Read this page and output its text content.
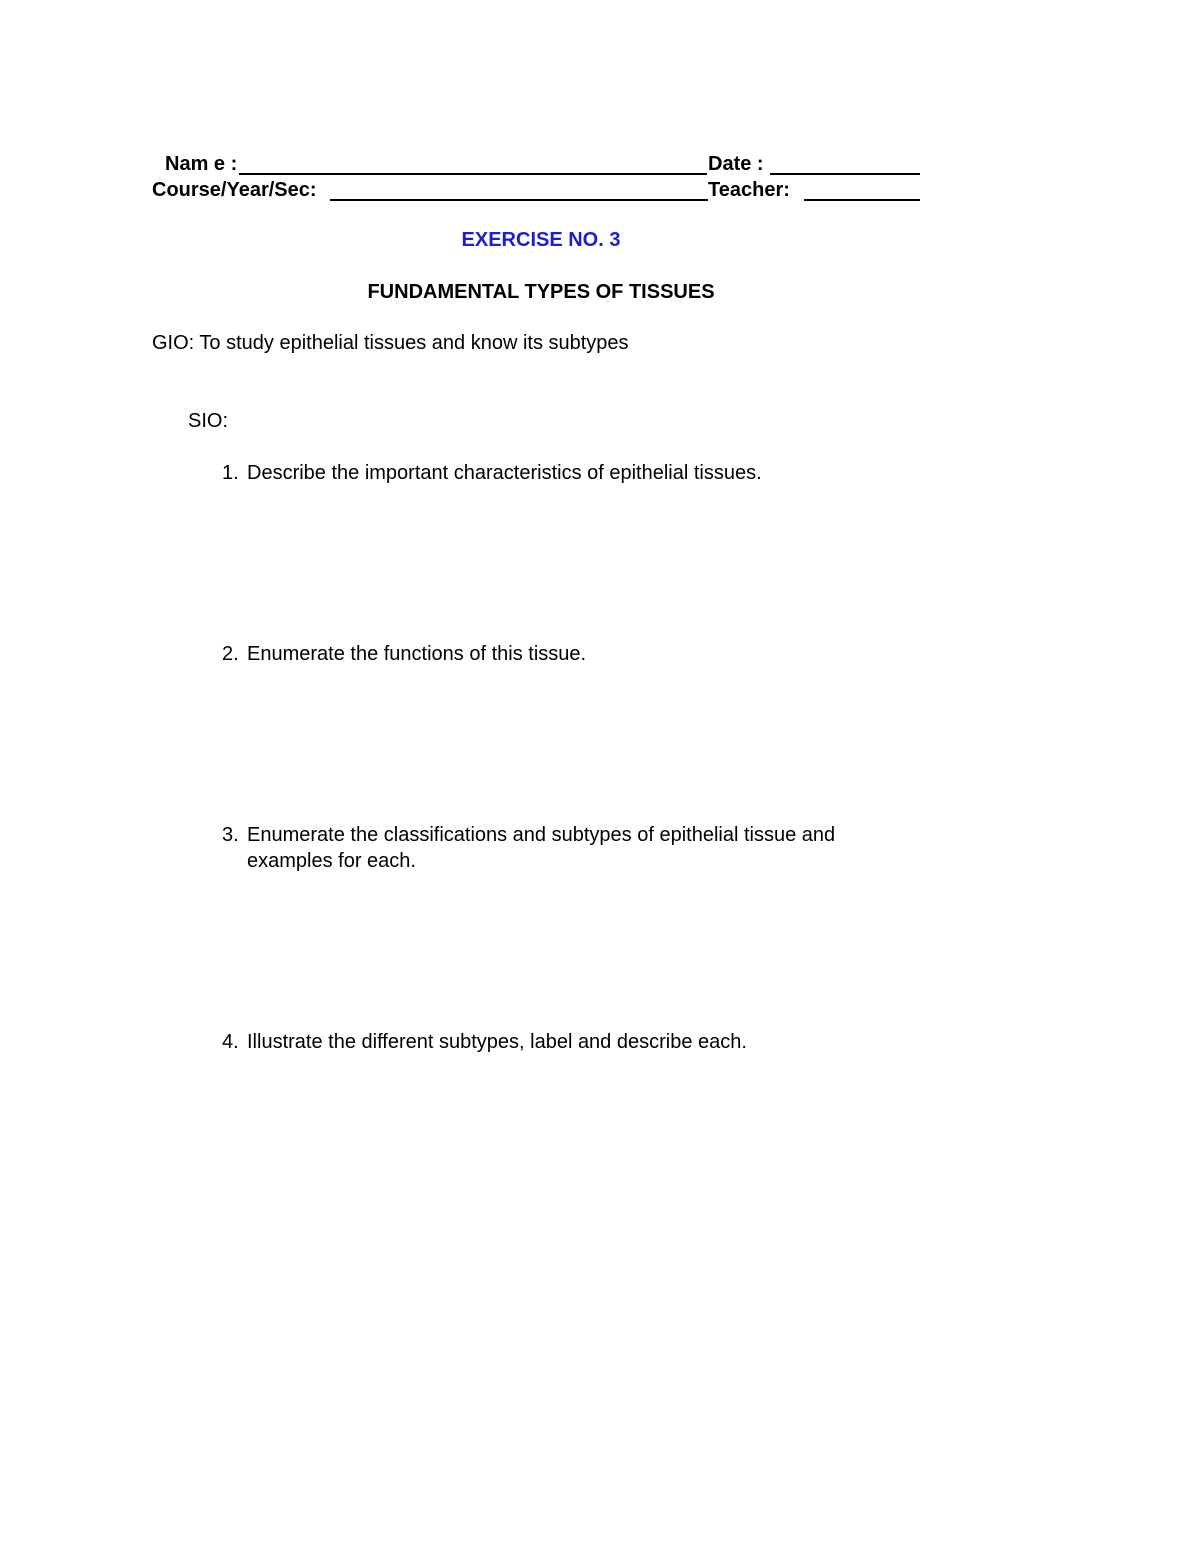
Nam e :	Date :
Course/Year/Sec:	Teacher:
EXERCISE NO. 3
FUNDAMENTAL TYPES OF TISSUES
GIO: To study epithelial tissues and know its subtypes
SIO:
1. Describe the important characteristics of epithelial tissues.
2. Enumerate the functions of this tissue.
3. Enumerate the classifications and subtypes of epithelial tissue and examples for each.
4. Illustrate the different subtypes, label and describe each.
